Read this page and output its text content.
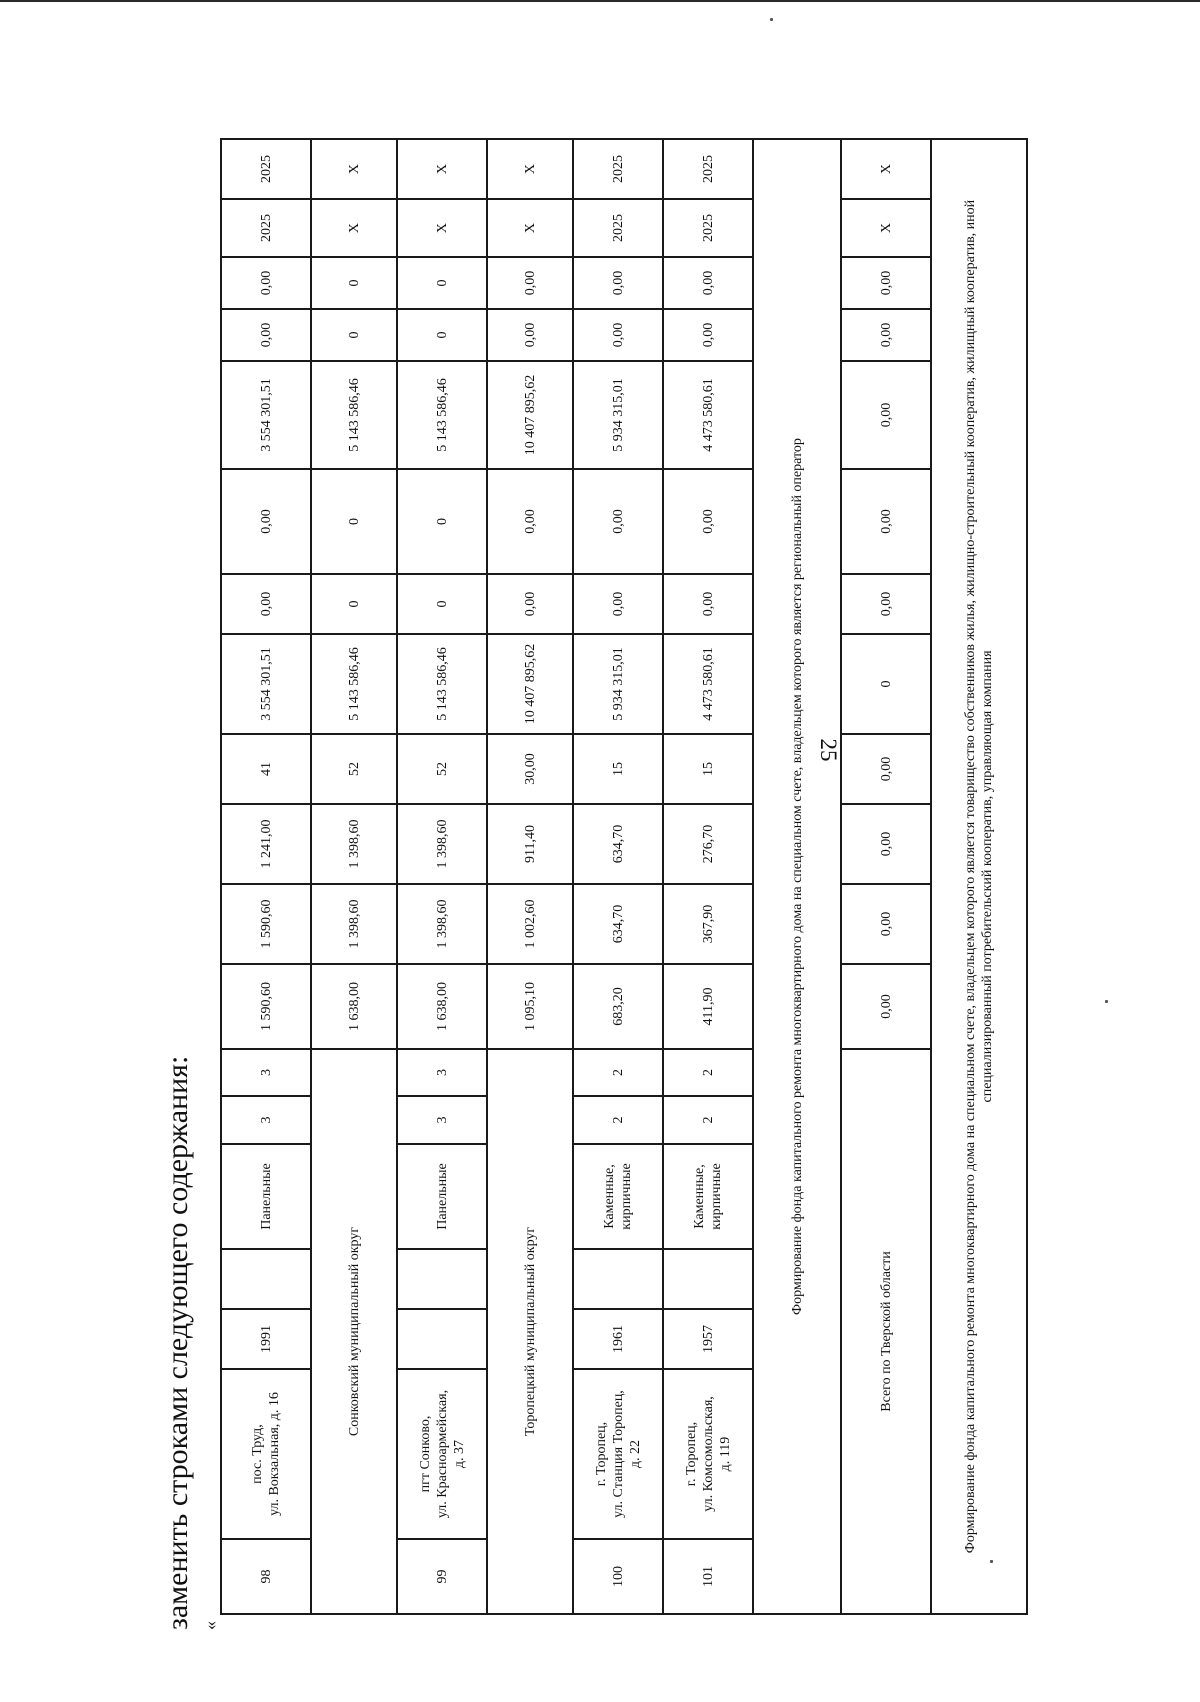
заменить строками следующего содержания: «
25
98	пос. Труд, ул. Вокзальная, д. 16	1991		Панельные	3	3	1 590,60	1 590,60	1 241,00	41	3 554 301,51	0,00	0,00	3 554 301,51	0,00	0,00	2025	2025
Сонковский муниципальный округ							1 638,00	1 398,60	1 398,60	52	5 143 586,46	0	0	5 143 586,46	0	0	Х	Х
99	пгт Сонково, ул. Красноармейская, д. 37			Панельные	3	3	1 638,00	1 398,60	1 398,60	52	5 143 586,46	0	0	5 143 586,46	0	0	Х	Х
Торопецкий муниципальный округ							1 095,10	1 002,60	911,40	30,00	10 407 895,62	0,00	0,00	10 407 895,62	0,00	0,00	Х	Х
100	г. Торопец, ул. Станция Торопец, д. 22	1961		Каменные, кирпичные	2	2	683,20	634,70	634,70	15	5 934 315,01	0,00	0,00	5 934 315,01	0,00	0,00	2025	2025
101	г. Торопец, ул. Комсомольская, д. 119	1957		Каменные, кирпичные	2	2	411,90	367,90	276,70	15	4 473 580,61	0,00	0,00	4 473 580,61	0,00	0,00	2025	2025
Формирование фонда капитального ремонта многоквартирного дома на специальном счете, владельцем которого является региональный оператор																		
Всего по Тверской области							0,00	0,00	0,00	0,00	0	0,00	0,00	0,00	0,00	0,00	Х	Х
Формирование фонда капитального ремонта многоквартирного дома на специальном счете, владельцем которого является товарищество собственников жилья, жилищно-строительный кооператив, жилищный кооператив, иной специализированный потребительский кооператив, управляющая компания																		
